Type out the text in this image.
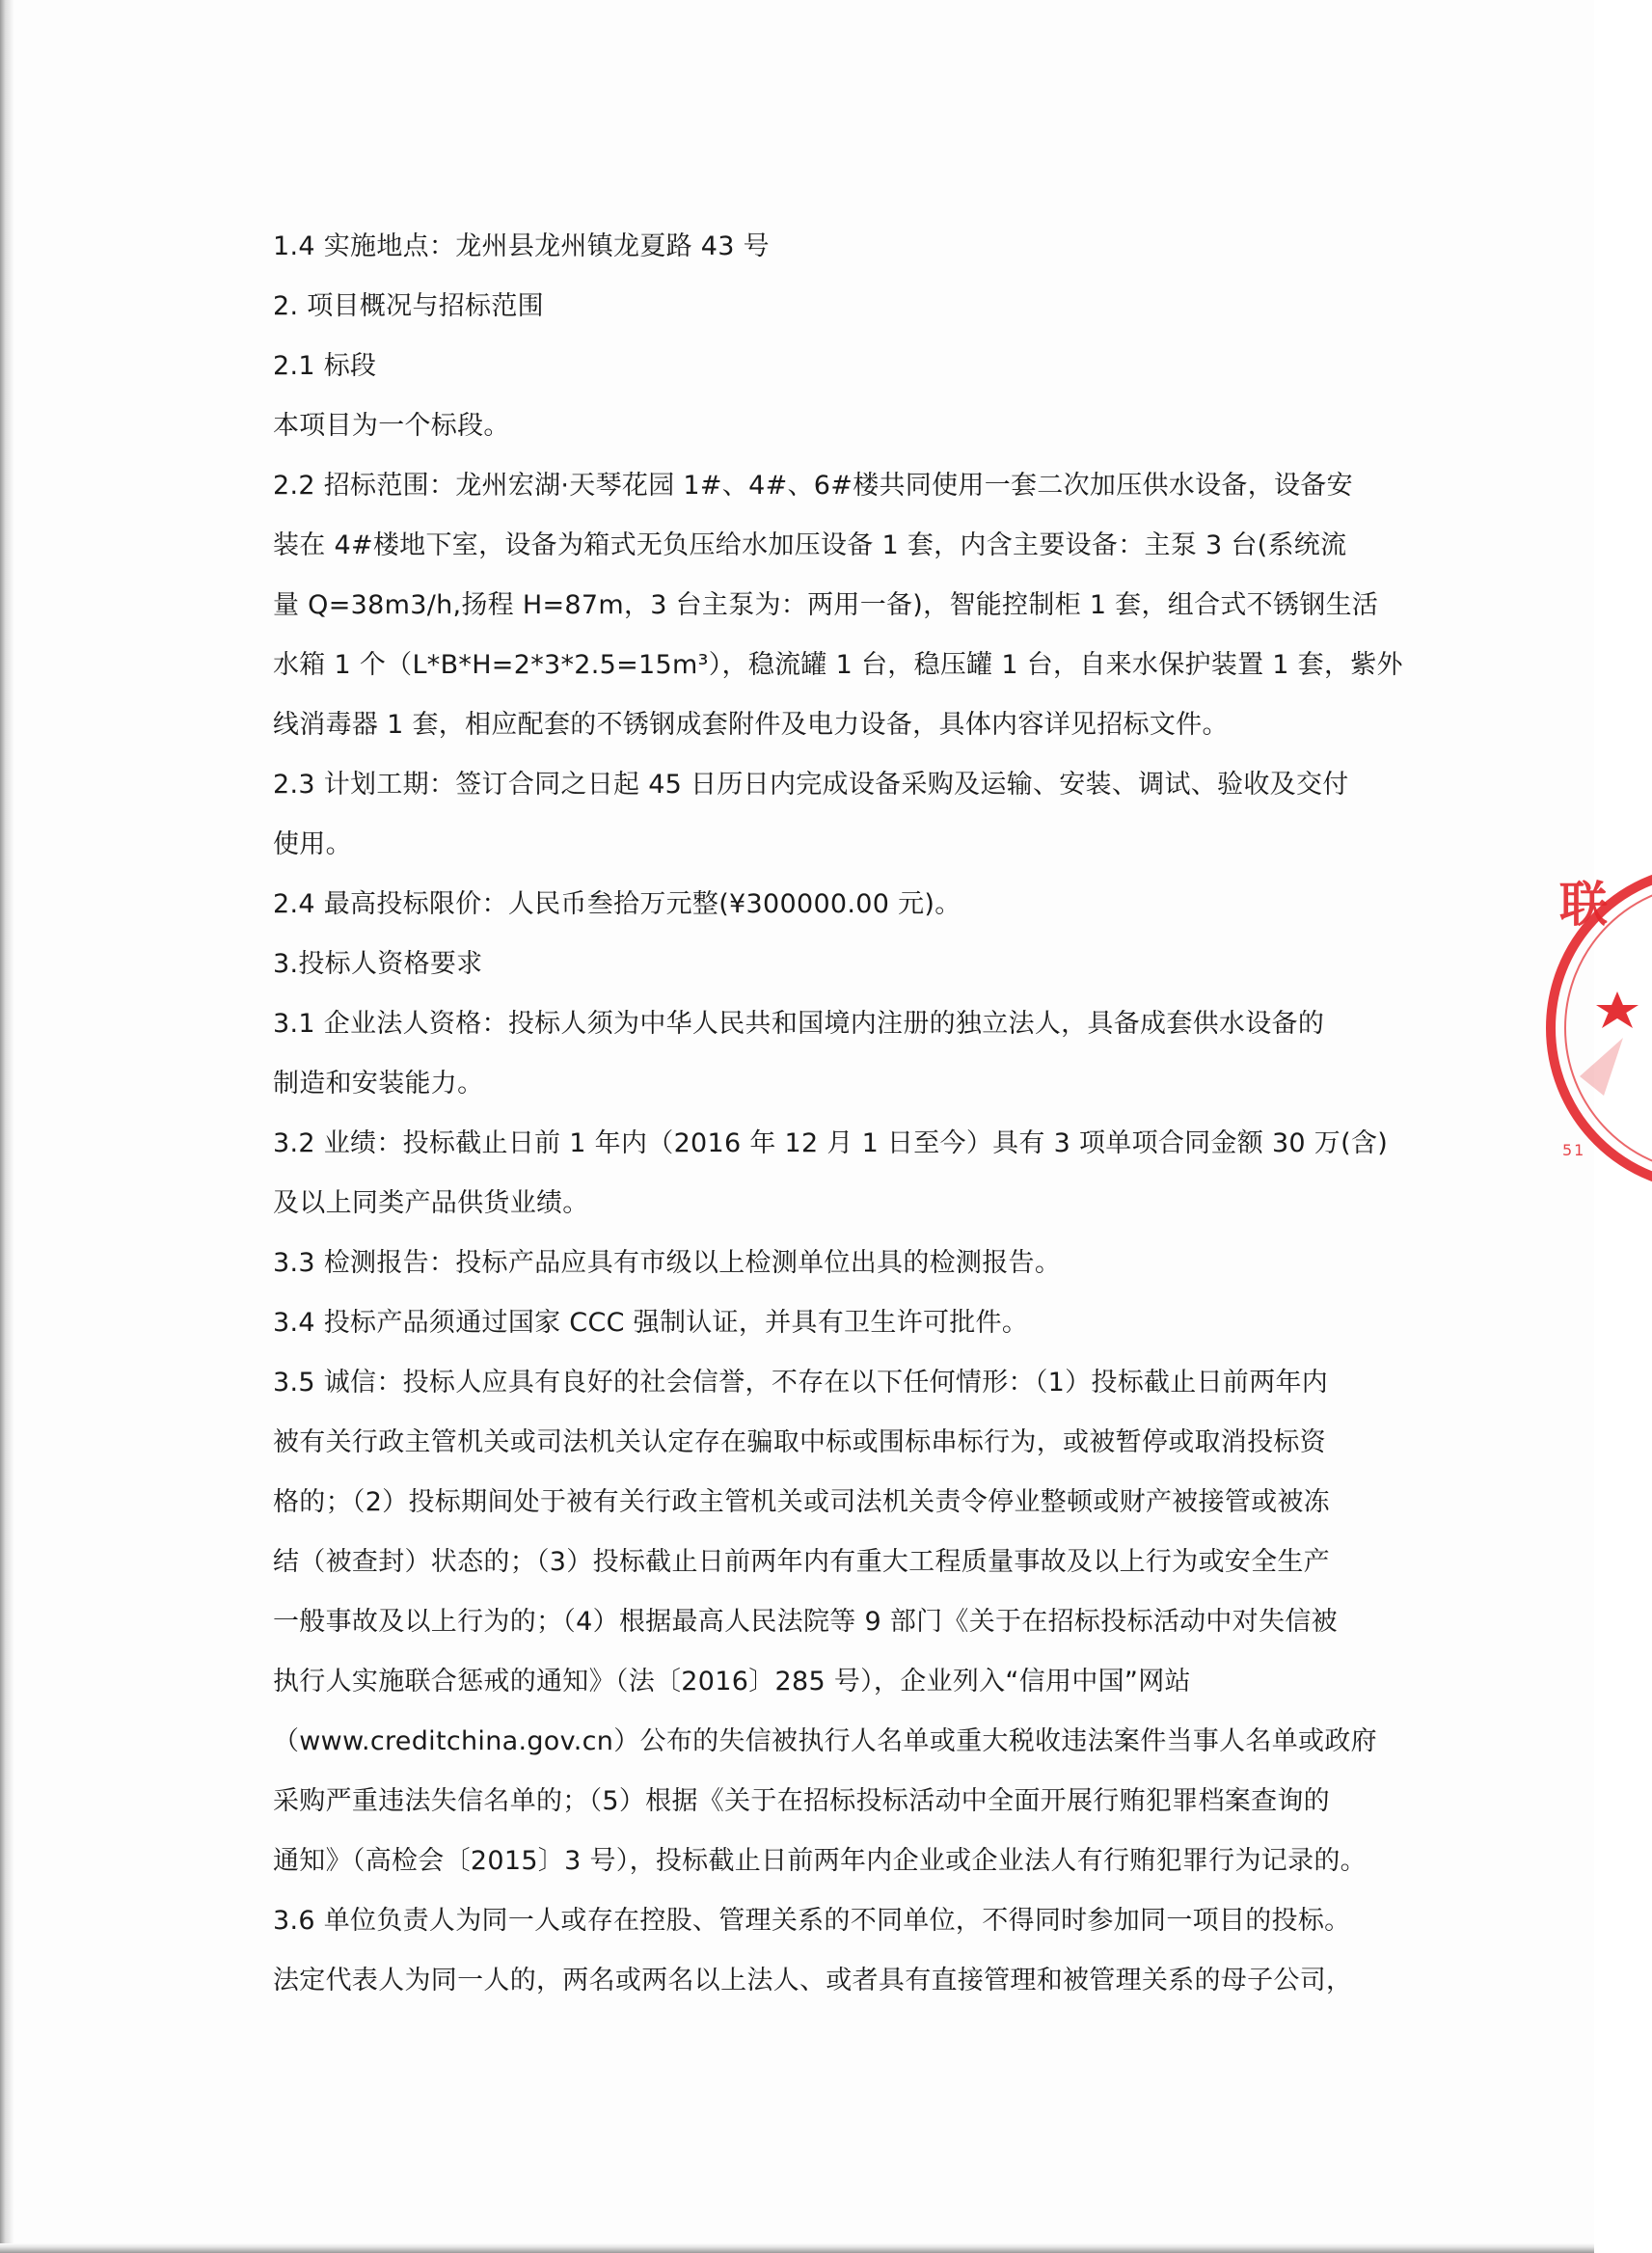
1.4 实施地点：龙州县龙州镇龙夏路 43 号
2. 项目概况与招标范围
2.1 标段
本项目为一个标段。
2.2 招标范围：龙州宏湖·天琴花园 1#、4#、6#楼共同使用一套二次加压供水设备，设备安
装在 4#楼地下室，设备为箱式无负压给水加压设备 1 套，内含主要设备：主泵 3 台(系统流
量 Q=38m3/h,扬程 H=87m，3 台主泵为：两用一备)，智能控制柜 1 套，组合式不锈钢生活
水箱 1 个（L*B*H=2*3*2.5=15m³），稳流罐 1 台，稳压罐 1 台，自来水保护装置 1 套，紫外
线消毒器 1 套，相应配套的不锈钢成套附件及电力设备，具体内容详见招标文件。
2.3 计划工期：签订合同之日起 45 日历日内完成设备采购及运输、安装、调试、验收及交付
使用。
2.4 最高投标限价：人民币叁拾万元整(¥300000.00 元)。
3.投标人资格要求
3.1 企业法人资格：投标人须为中华人民共和国境内注册的独立法人，具备成套供水设备的
制造和安装能力。
3.2 业绩：投标截止日前 1 年内（2016 年 12 月 1 日至今）具有 3 项单项合同金额 30 万(含)
及以上同类产品供货业绩。
3.3 检测报告：投标产品应具有市级以上检测单位出具的检测报告。
3.4 投标产品须通过国家 CCC 强制认证，并具有卫生许可批件。
3.5 诚信：投标人应具有良好的社会信誉，不存在以下任何情形：（1）投标截止日前两年内
被有关行政主管机关或司法机关认定存在骗取中标或围标串标行为，或被暂停或取消投标资
格的；（2）投标期间处于被有关行政主管机关或司法机关责令停业整顿或财产被接管或被冻
结（被查封）状态的；（3）投标截止日前两年内有重大工程质量事故及以上行为或安全生产
一般事故及以上行为的；（4）根据最高人民法院等 9 部门《关于在招标投标活动中对失信被
执行人实施联合惩戒的通知》（法〔2016〕285 号），企业列入“信用中国”网站
（www.creditchina.gov.cn）公布的失信被执行人名单或重大税收违法案件当事人名单或政府
采购严重违法失信名单的；（5）根据《关于在招标投标活动中全面开展行贿犯罪档案查询的
通知》（高检会〔2015〕3 号），投标截止日前两年内企业或企业法人有行贿犯罪行为记录的。
3.6 单位负责人为同一人或存在控股、管理关系的不同单位，不得同时参加同一项目的投标。
法定代表人为同一人的，两名或两名以上法人、或者具有直接管理和被管理关系的母子公司，
联
51
